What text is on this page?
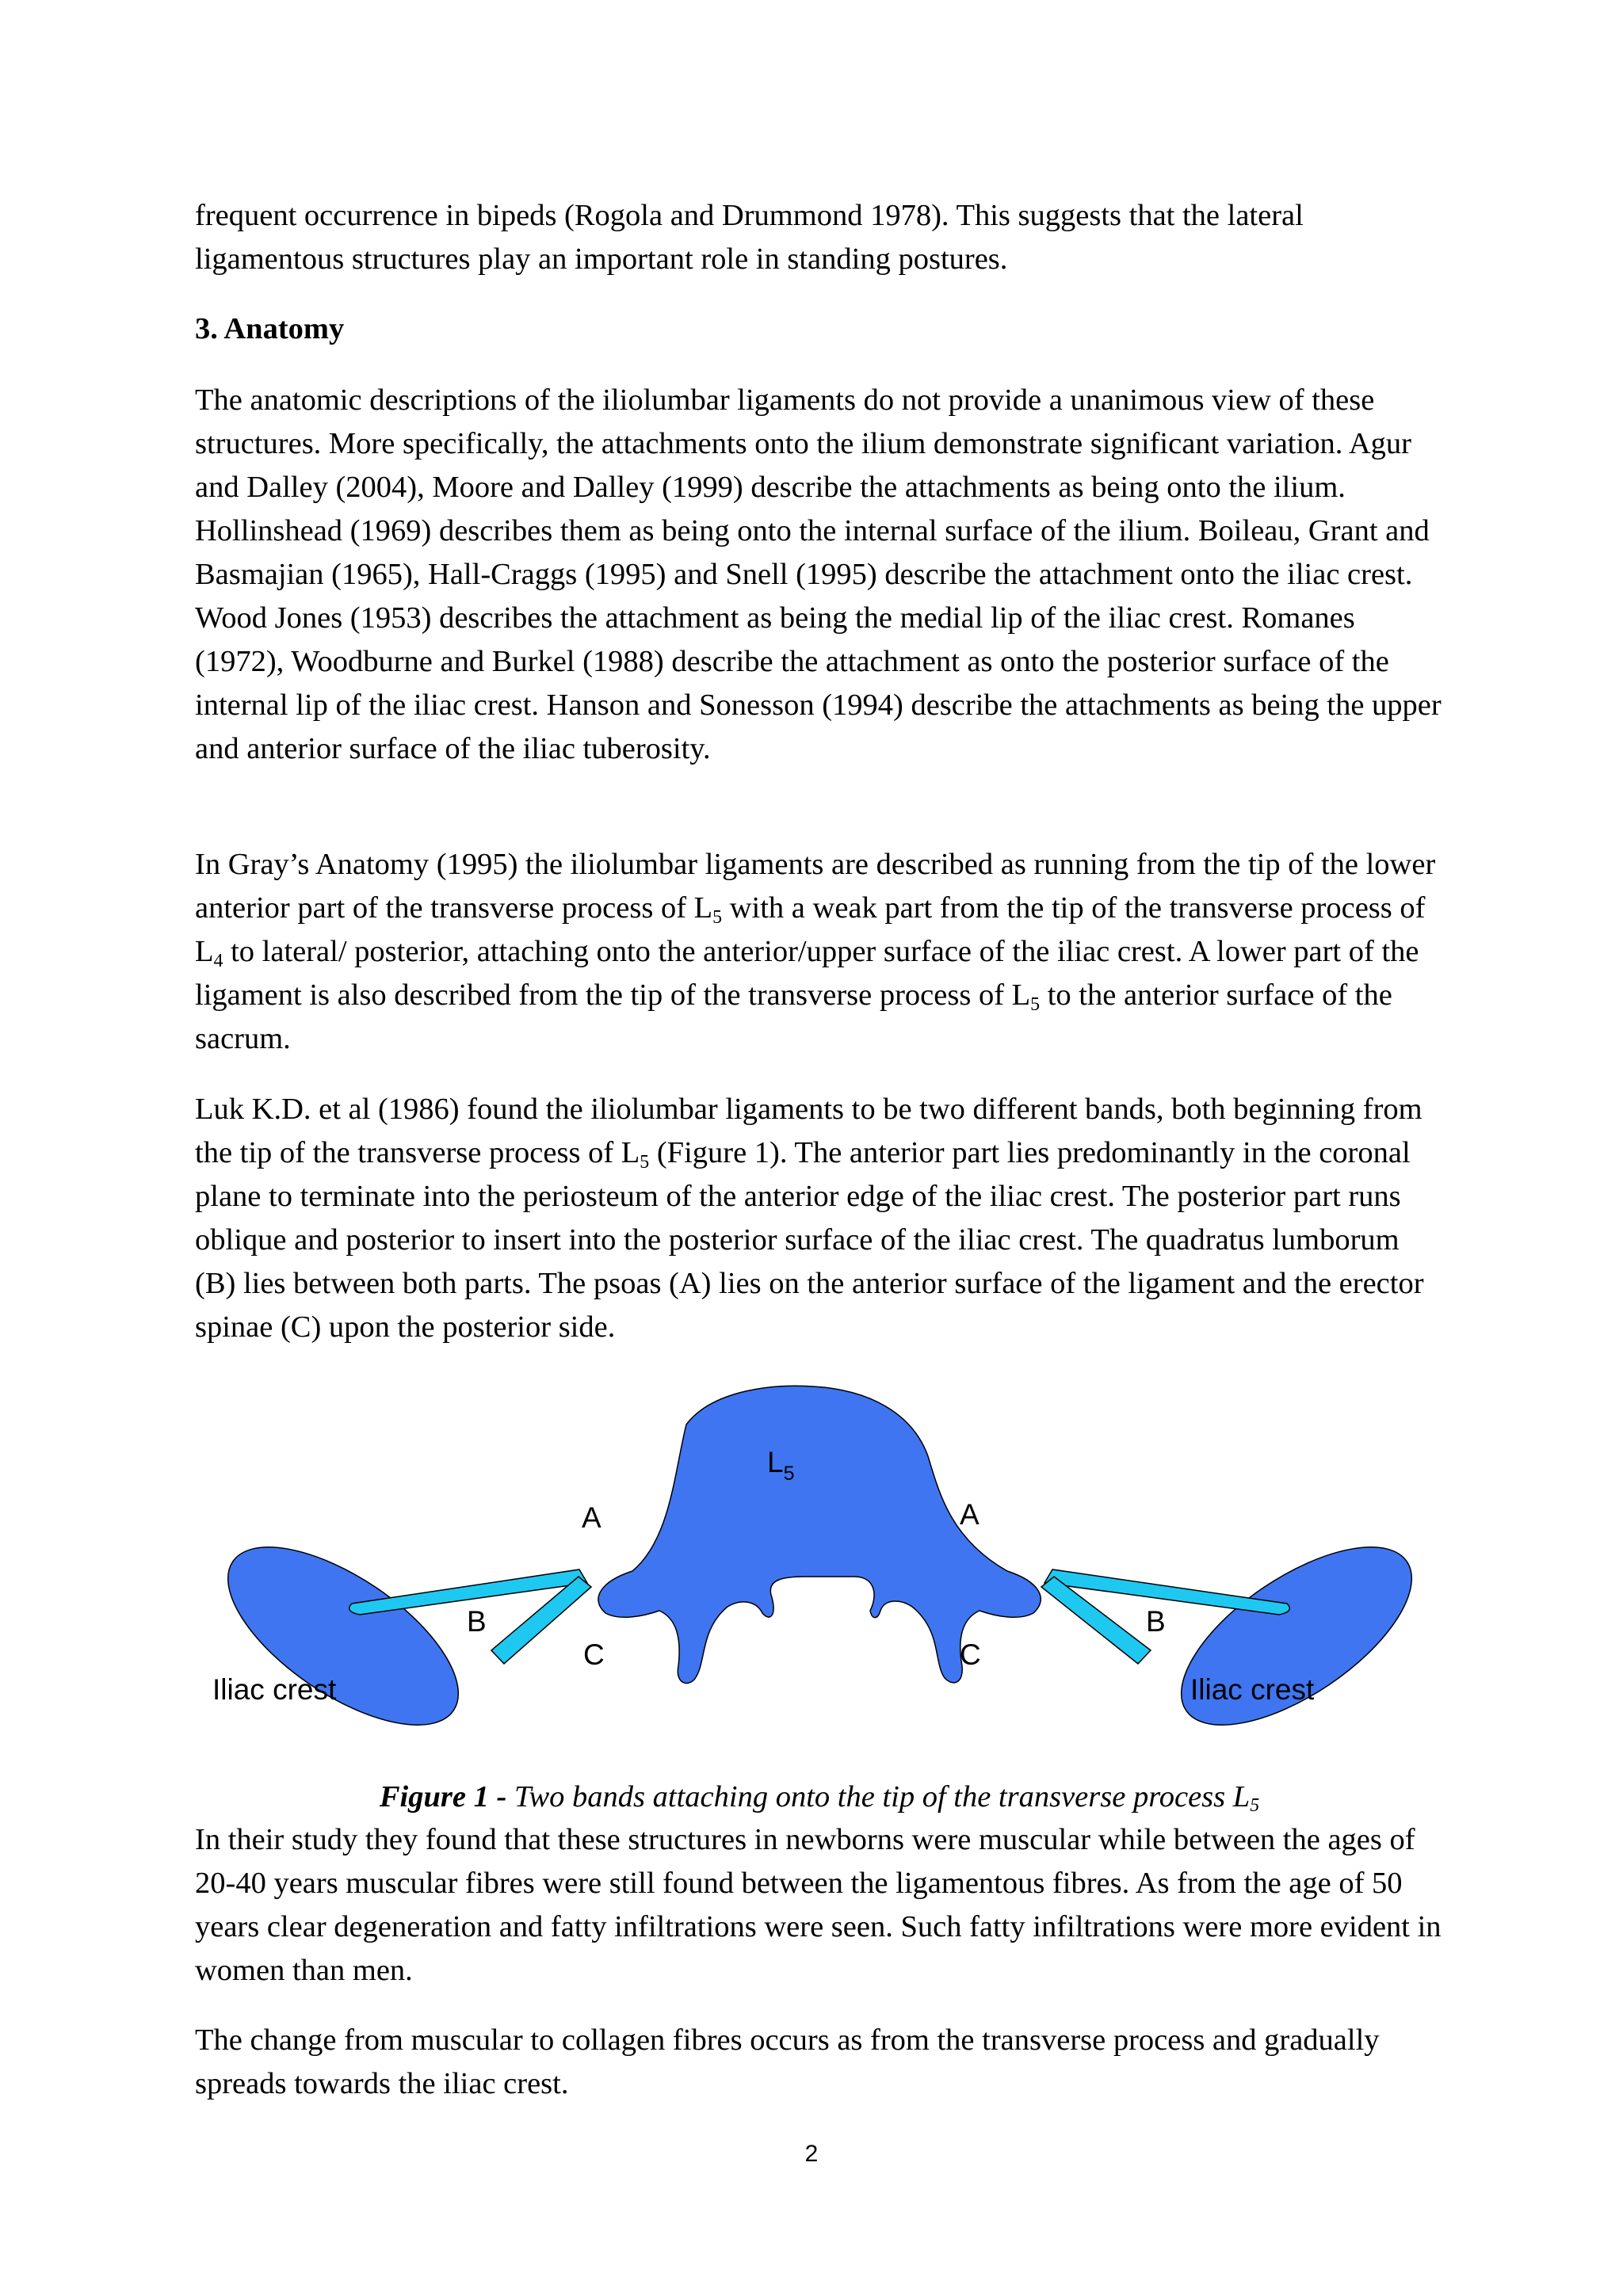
frequent occurrence in bipeds (Rogola and Drummond 1978). This suggests that the lateral ligamentous structures play an important role in standing postures.

3. Anatomy

The anatomic descriptions of the iliolumbar ligaments do not provide a unanimous view of these structures. More specifically, the attachments onto the ilium demonstrate significant variation. Agur and Dalley (2004), Moore and Dalley (1999) describe the attachments as being onto the ilium. Hollinshead (1969) describes them as being onto the internal surface of the ilium. Boileau, Grant and Basmajian (1965), Hall-Craggs (1995) and Snell (1995) describe the attachment onto the iliac crest. Wood Jones (1953) describes the attachment as being the medial lip of the iliac crest. Romanes (1972), Woodburne and Burkel (1988) describe the attachment as onto the posterior surface of the internal lip of the iliac crest. Hanson and Sonesson (1994) describe the attachments as being the upper and anterior surface of the iliac tuberosity.

In Gray’s Anatomy (1995) the iliolumbar ligaments are described as running from the tip of the lower anterior part of the transverse process of $L_5$ with a weak part from the tip of the transverse process of $L_4$ to lateral/ posterior, attaching onto the anterior/upper surface of the iliac crest. A lower part of the ligament is also described from the tip of the transverse process of $L_5$ to the anterior surface of the sacrum.

Luk K.D. et al (1986) found the iliolumbar ligaments to be two different bands, both beginning from the tip of the transverse process of $L_5$ (Figure 1). The anterior part lies predominantly in the coronal plane to terminate into the periosteum of the anterior edge of the iliac crest. The posterior part runs oblique and posterior to insert into the posterior surface of the iliac crest. The quadratus lumborum (B) lies between both parts. The psoas (A) lies on the anterior surface of the ligament and the erector spinae (C) upon the posterior side.

$L_5$
A	A
B	B
C	C
Iliac crest	Iliac crest

Figure 1 - Two bands attaching onto the tip of the transverse process $L_5$

In their study they found that these structures in newborns were muscular while between the ages of 20-40 years muscular fibres were still found between the ligamentous fibres. As from the age of 50 years clear degeneration and fatty infiltrations were seen. Such fatty infiltrations were more evident in women than men.

The change from muscular to collagen fibres occurs as from the transverse process and gradually spreads towards the iliac crest.

2
